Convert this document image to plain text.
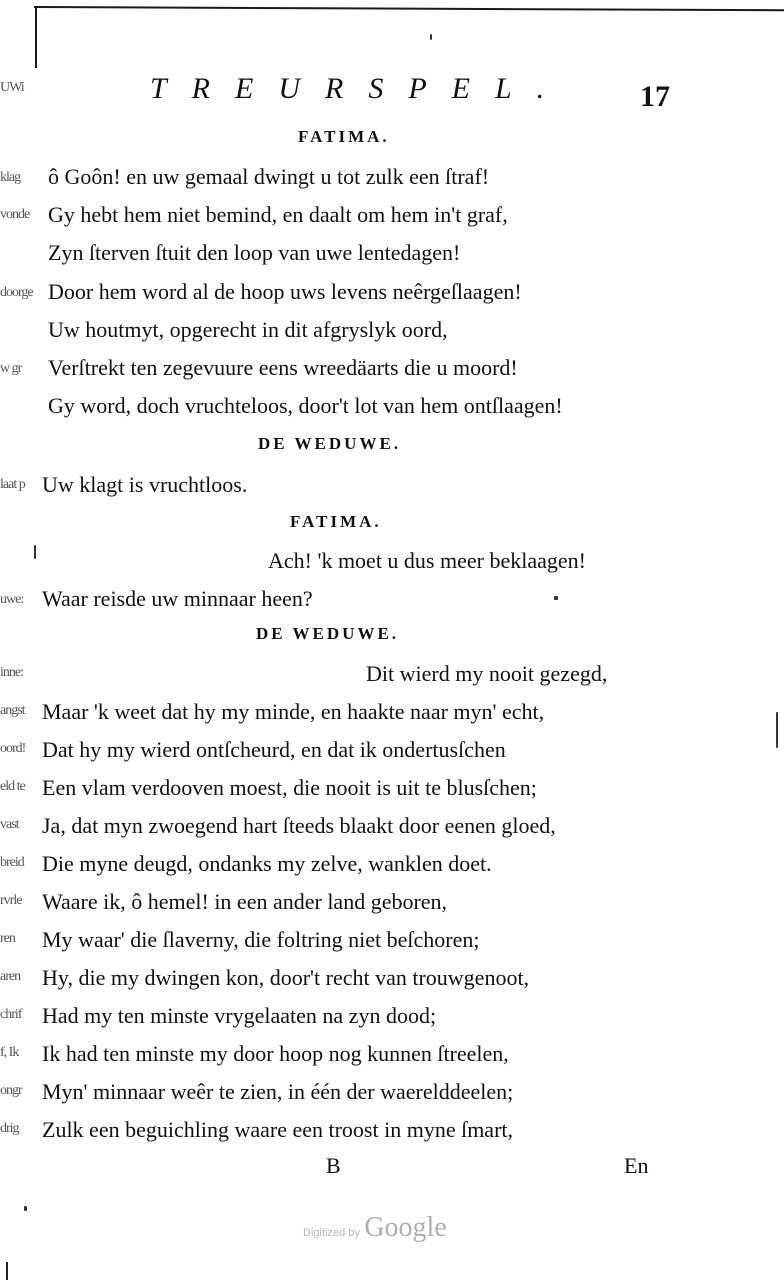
UWi
klag
vonde
doorge
w gr
laat p
uwe:
inne:
angst
oord!
eld te
vast
breid
rvrle
ren
aren
chrif
f, Ik
ongr
drig
TREURSPEL. 17
FATIMA.
ô Goôn! en uw gemaal dwingt u tot zulk een ſtraf!
Gy hebt hem niet bemind, en daalt om hem in't graf,
Zyn ſterven ſtuit den loop van uwe lentedagen!
Door hem word al de hoop uws levens neêrgeſlaagen!
Uw houtmyt, opgerecht in dit afgryslyk oord,
Verſtrekt ten zegevuure eens wreedäarts die u moord!
Gy word, doch vruchteloos, door't lot van hem ontſlaagen!
DE WEDUWE.
Uw klagt is vruchtloos.
FATIMA.
Ach! 'k moet u dus meer beklaagen!
Waar reisde uw minnaar heen?
DE WEDUWE.
Dit wierd my nooit gezegd,
Maar 'k weet dat hy my minde, en haakte naar myn' echt,
Dat hy my wierd ontſcheurd, en dat ik ondertusſchen
Een vlam verdooven moest, die nooit is uit te blusſchen;
Ja, dat myn zwoegend hart ſteeds blaakt door eenen gloed,
Die myne deugd, ondanks my zelve, wanklen doet.
Waare ik, ô hemel! in een ander land geboren,
My waar' die ſlaverny, die foltring niet beſchoren;
Hy, die my dwingen kon, door't recht van trouwgenoot,
Had my ten minste vrygelaaten na zyn dood;
Ik had ten minste my door hoop nog kunnen ſtreelen,
Myn' minnaar weêr te zien, in één der waerelddeelen;
Zulk een beguichling waare een troost in myne ſmart,
B	En
Digitized by Google
